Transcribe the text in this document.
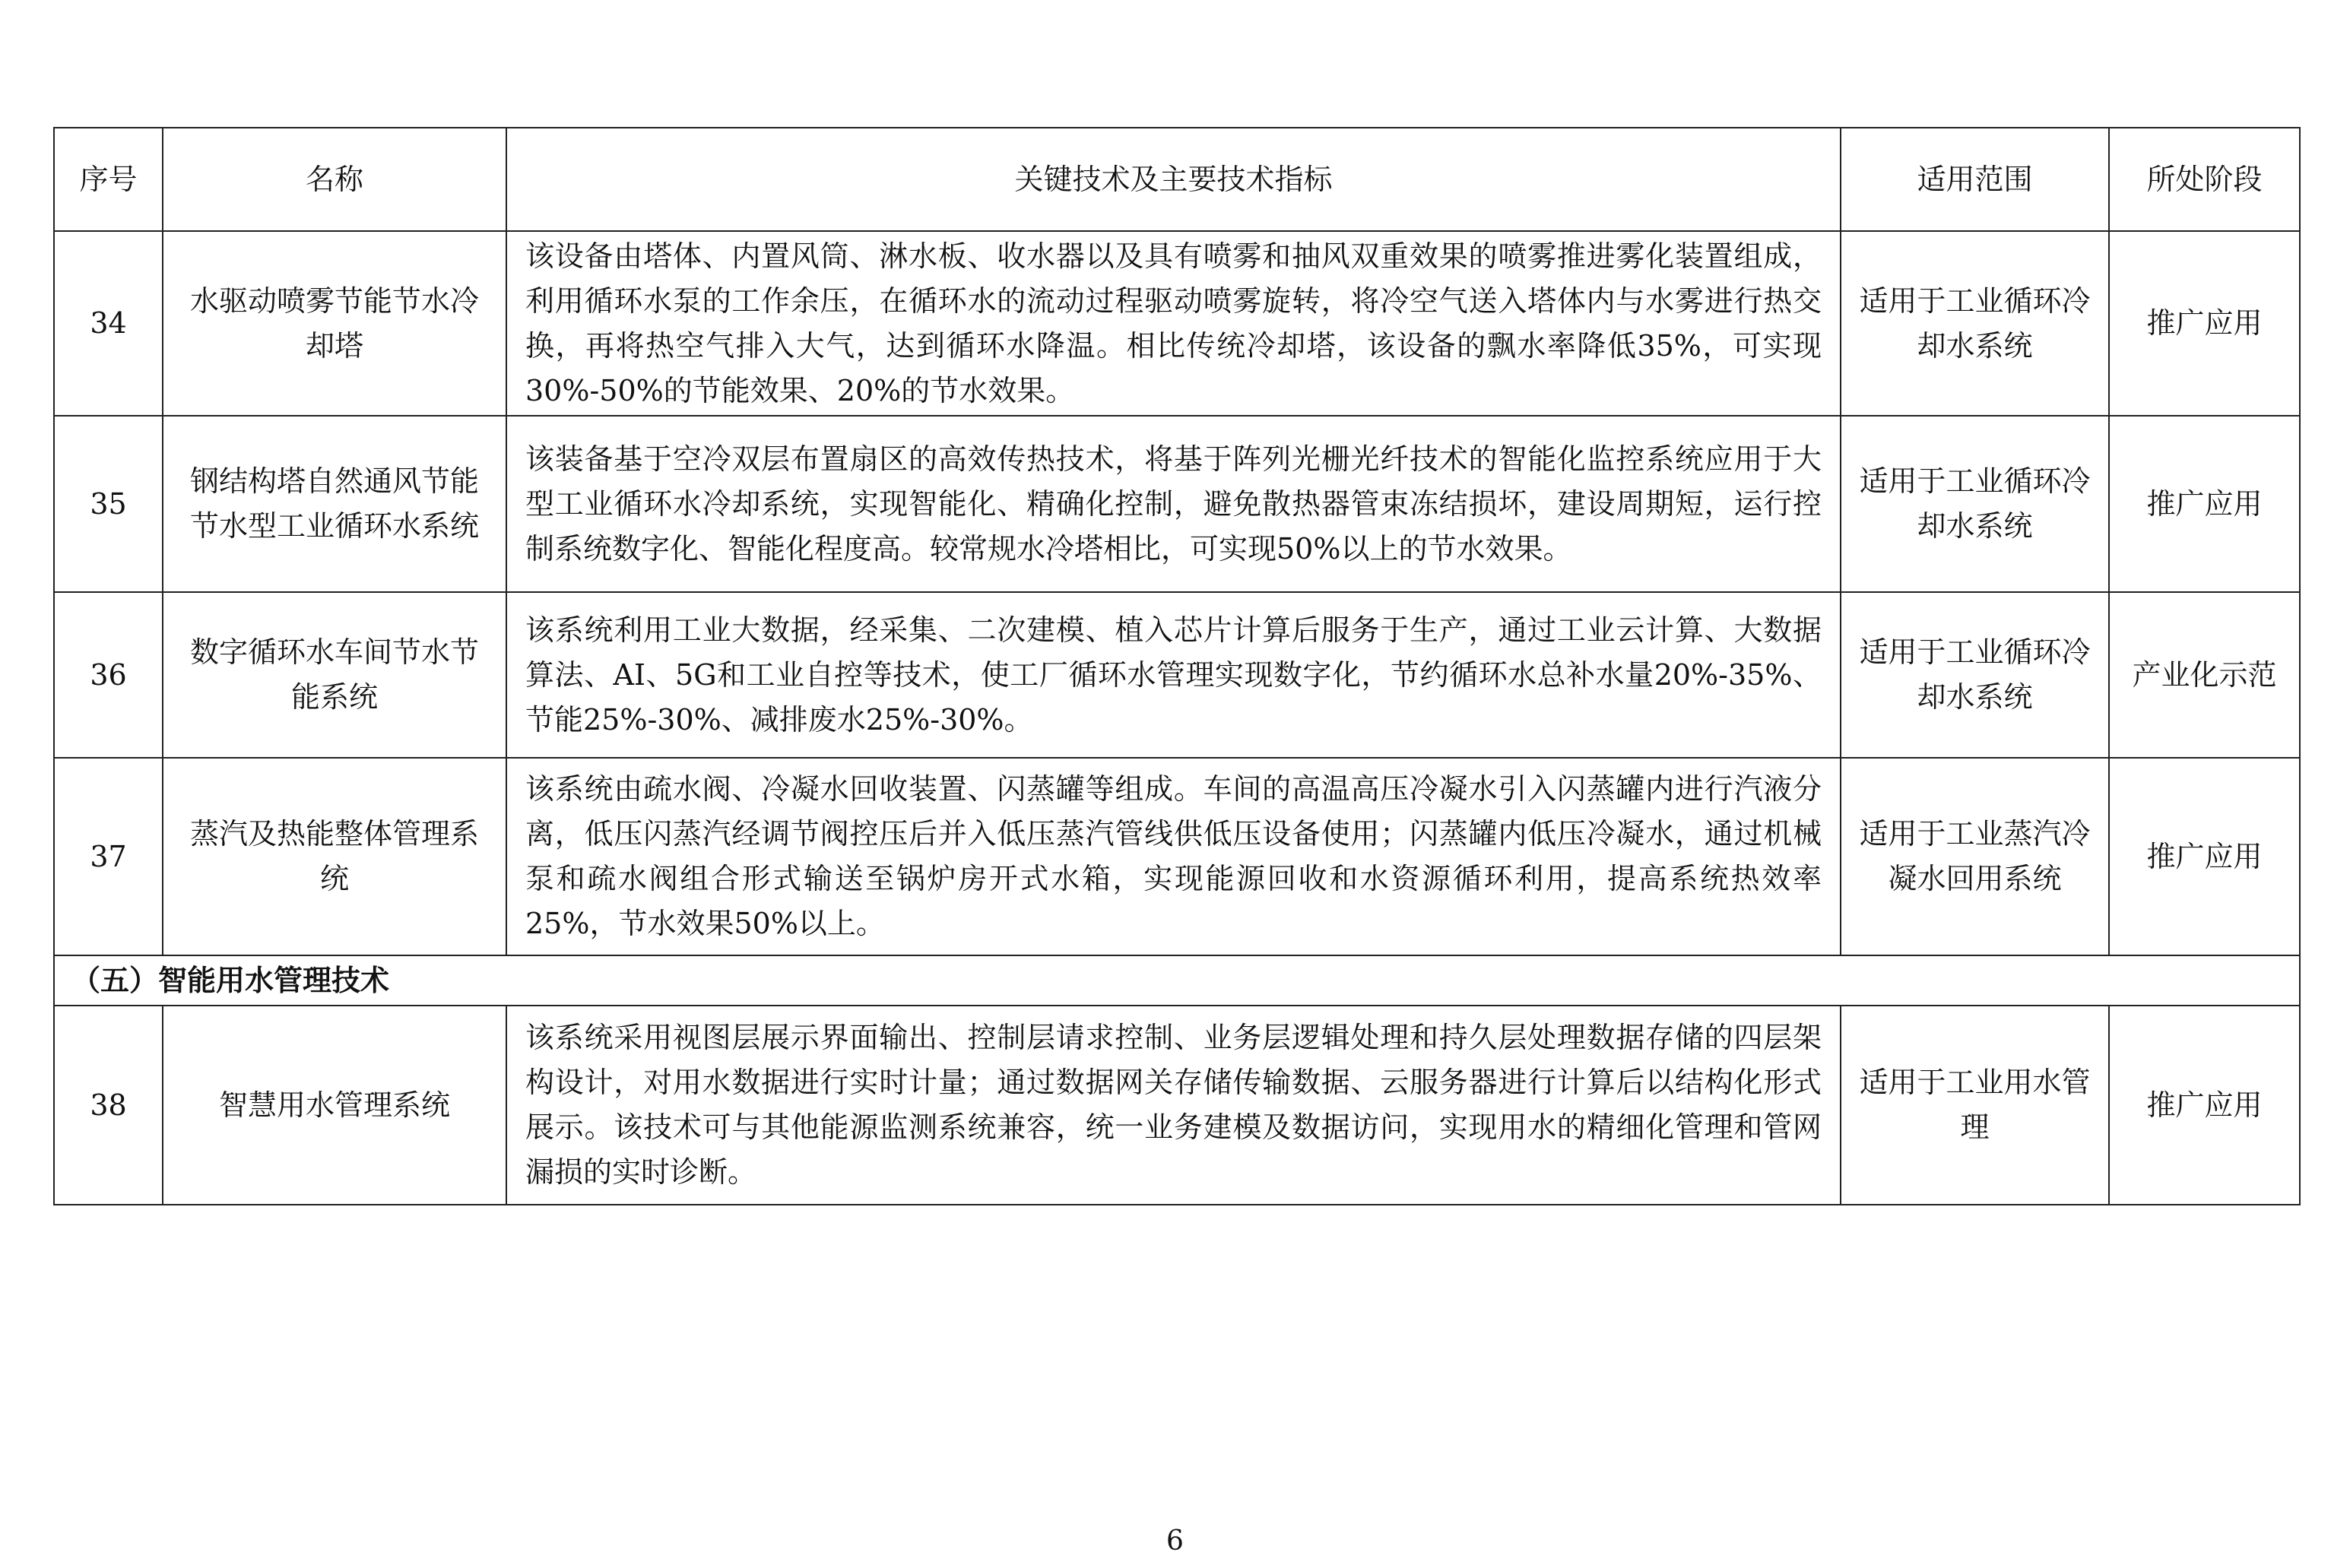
序号	名称	关键技术及主要技术指标	适用范围	所处阶段
34	水驱动喷雾节能节水冷却塔	该设备由塔体、内置风筒、淋水板、收水器以及具有喷雾和抽风双重效果的喷雾推进雾化装置组成，利用循环水泵的工作余压，在循环水的流动过程驱动喷雾旋转，将冷空气送入塔体内与水雾进行热交换，再将热空气排入大气，达到循环水降温。相比传统冷却塔，该设备的飘水率降低35%，可实现30%-50%的节能效果、20%的节水效果。	适用于工业循环冷却水系统	推广应用
35	钢结构塔自然通风节能节水型工业循环水系统	该装备基于空冷双层布置扇区的高效传热技术，将基于阵列光栅光纤技术的智能化监控系统应用于大型工业循环水冷却系统，实现智能化、精确化控制，避免散热器管束冻结损坏，建设周期短，运行控制系统数字化、智能化程度高。较常规水冷塔相比，可实现50%以上的节水效果。	适用于工业循环冷却水系统	推广应用
36	数字循环水车间节水节能系统	该系统利用工业大数据，经采集、二次建模、植入芯片计算后服务于生产，通过工业云计算、大数据算法、AI、5G和工业自控等技术，使工厂循环水管理实现数字化，节约循环水总补水量20%-35%、节能25%-30%、减排废水25%-30%。	适用于工业循环冷却水系统	产业化示范
37	蒸汽及热能整体管理系统	该系统由疏水阀、冷凝水回收装置、闪蒸罐等组成。车间的高温高压冷凝水引入闪蒸罐内进行汽液分离，低压闪蒸汽经调节阀控压后并入低压蒸汽管线供低压设备使用；闪蒸罐内低压冷凝水，通过机械泵和疏水阀组合形式输送至锅炉房开式水箱，实现能源回收和水资源循环利用，提高系统热效率25%，节水效果50%以上。	适用于工业蒸汽冷凝水回用系统	推广应用
（五）智能用水管理技术				
38	智慧用水管理系统	该系统采用视图层展示界面输出、控制层请求控制、业务层逻辑处理和持久层处理数据存储的四层架构设计，对用水数据进行实时计量；通过数据网关存储传输数据、云服务器进行计算后以结构化形式展示。该技术可与其他能源监测系统兼容，统一业务建模及数据访问，实现用水的精细化管理和管网漏损的实时诊断。	适用于工业用水管理	推广应用
6
